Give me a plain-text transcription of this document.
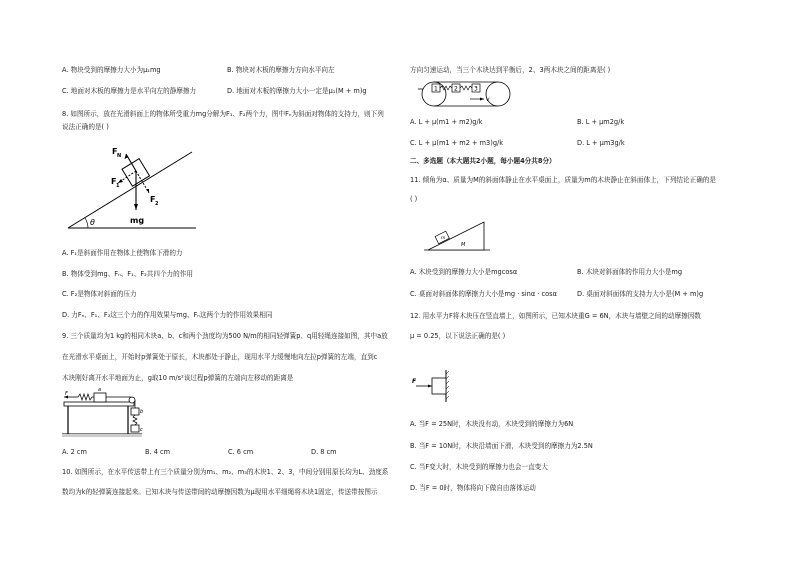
A. 物块受到的摩擦力大小为μ₁mg	B. 物块对木板的摩擦力方向水平向左
C. 地面对木板的摩擦力是水平向左的静摩擦力	D. 地面对木板的摩擦力大小一定是μ₁(M + m)g
8. 如图所示，放在光滑斜面上的物体所受重力mg分解为F₁、F₂两个力，图中Fₙ为斜面对物体的支持力，则下列
说法正确的是( )
θ
F N
F 1
F 2
mg
A. F₁是斜面作用在物体上使物体下滑的力
B. 物体受到mg、Fₙ、F₁、F₂共四个力的作用
C. F₂是物体对斜面的压力
D. 力Fₙ、F₁、F₂这三个力的作用效果与mg、Fₙ这两个力的作用效果相同
9. 三个质量均为1 kg的相同木块a、b、c和两个劲度均为500 N/m的相同轻弹簧p、q用轻绳连接如图，其中a放
在光滑水平桌面上，开始时p弹簧处于原长，木块都处于静止，现用水平力缓慢地向左拉p弹簧的左端，直到c
木块刚好离开水平地面为止，g取10 m/s²该过程p弹簧的左端向左移动的距离是
F
a
b
c
A. 2 cm	B. 4 cm	C. 6 cm	D. 8 cm
10. 如图所示，在水平传送带上有三个质量分别为m₁、m₂、m₃的木块1、2、3，中间分别用原长均为L、劲度系
数均为k的轻弹簧连接起来。已知木块与传送带间的动摩擦因数为μ现用水平细绳将木块1固定，传送带按图示
方向匀速运动，当三个木块达到平衡后，2、3两木块之间的距离是( )
1	2	3
v
A. L + μ(m1 + m2)g/k	B. L + μm2g/k
C. L + μ(m1 + m2 + m3)g/k	D. L + μm3g/k
二、多选题（本大题共2小题，每小题4分共8分）
11. 倾角为α、质量为M的斜面体静止在水平桌面上，质量为m的木块静止在斜面体上，下列结论正确的是
( )
m
M
A. 木块受到的摩擦力大小是mgcosα	B. 木块对斜面体的作用力大小是mg
C. 桌面对斜面体的摩擦力大小是mg · sinα · cosα	D. 桌面对斜面体的支持力大小是(M + m)g
12. 用水平力F将木块压在竖直墙上，如图所示，已知木块重G = 6N，木块与墙壁之间的动摩擦因数
μ = 0.25，以下说法正确的是( )
F
A. 当F = 25N时，木块没有动，木块受到的摩擦力为6N
B. 当F = 10N时，木块沿墙面下滑，木块受到的摩擦力为2.5N
C. 当F变大时，木块受到的摩擦力也会一直变大
D. 当F = 0时，物体将向下做自由落体运动
